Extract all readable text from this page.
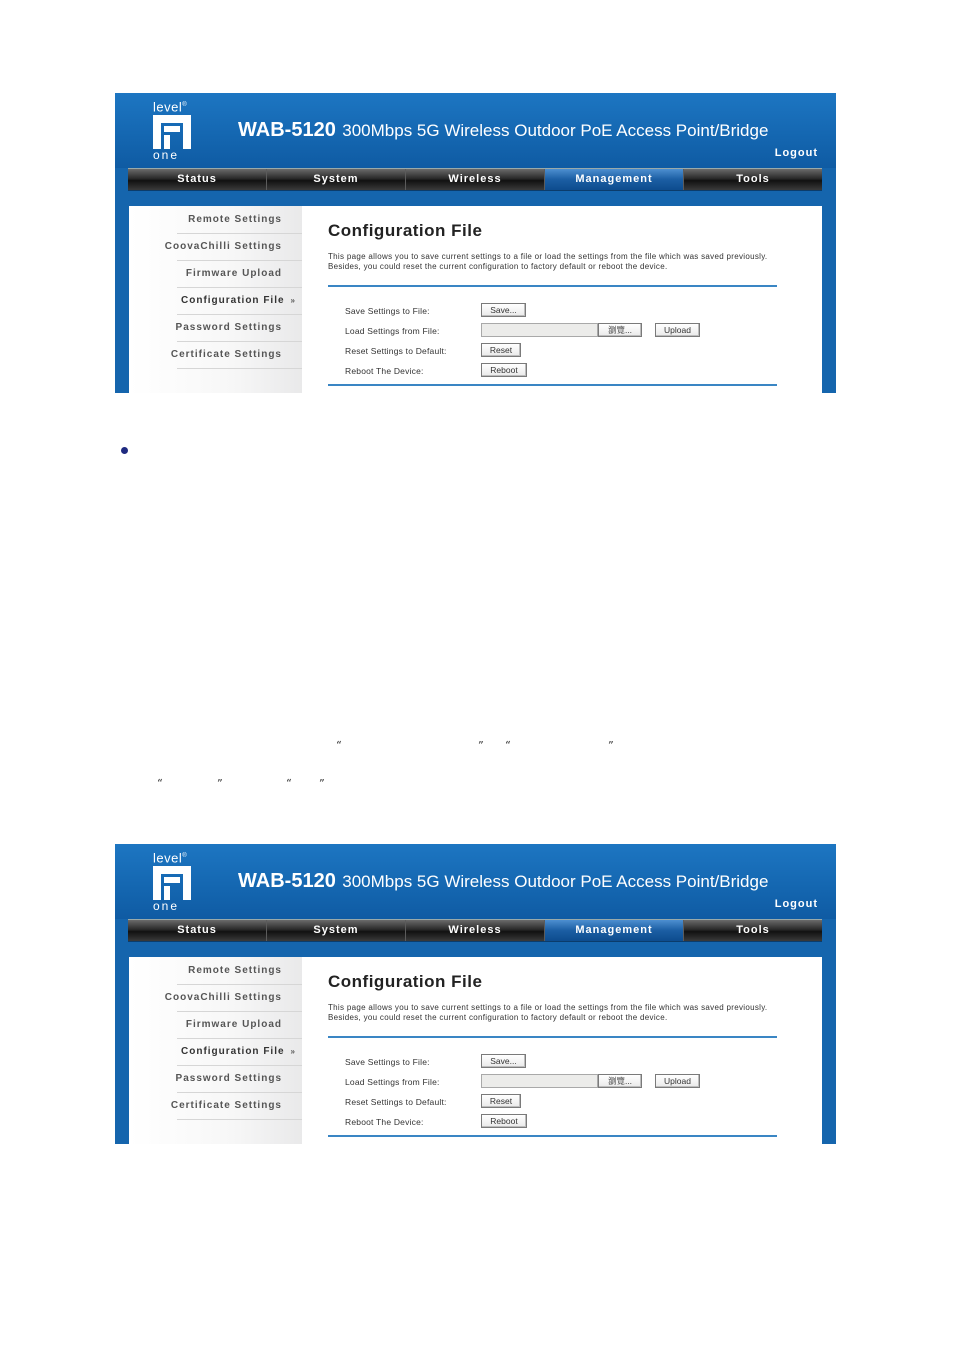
level®
one
WAB-5120 300Mbps 5G Wireless Outdoor PoE Access Point/Bridge
Logout
Status	System	Wireless	Management	Tools
Remote Settings
CoovaChilli Settings
Firmware Upload
Configuration File »
Password Settings
Certificate Settings
Configuration File
This page allows you to save current settings to a file or load the settings from the file which was saved previously. Besides, you could reset the current configuration to factory default or reboot the device.
Save Settings to File:	Save...
Load Settings from File:	瀏覽...	Upload
Reset Settings to Default:	Reset
Reboot The Device:	Reboot
“	” “	”
“	”	“ ”
level®
one
WAB-5120 300Mbps 5G Wireless Outdoor PoE Access Point/Bridge
Logout
Status	System	Wireless	Management	Tools
Remote Settings
CoovaChilli Settings
Firmware Upload
Configuration File »
Password Settings
Certificate Settings
Configuration File
This page allows you to save current settings to a file or load the settings from the file which was saved previously. Besides, you could reset the current configuration to factory default or reboot the device.
Save Settings to File:	Save...
Load Settings from File:	瀏覽...	Upload
Reset Settings to Default:	Reset
Reboot The Device:	Reboot
